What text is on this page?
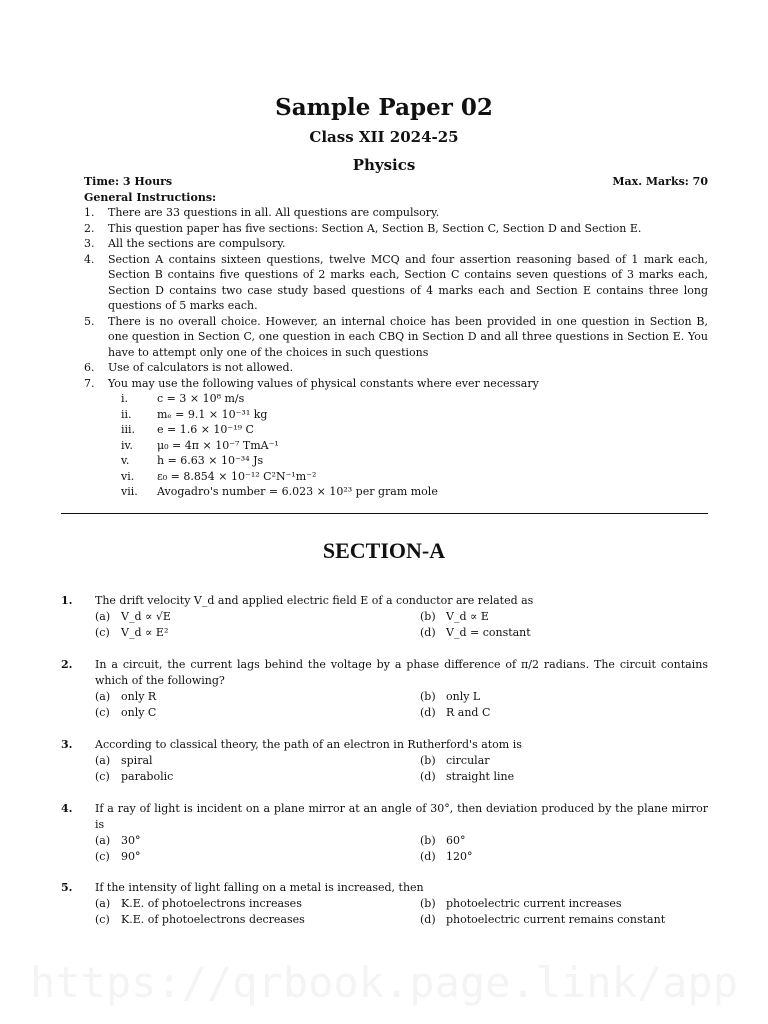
Sample Paper 02
Class XII 2024-25
Physics
Time: 3 Hours	Max. Marks: 70
General Instructions:
1.	There are 33 questions in all. All questions are compulsory.
2.	This question paper has five sections: Section A, Section B, Section C, Section D and Section E.
3.	All the sections are compulsory.
4.	Section A contains sixteen questions, twelve MCQ and four assertion reasoning based of 1 mark each, Section B contains five questions of 2 marks each, Section C contains seven questions of 3 marks each, Section D contains two case study based questions of 4 marks each and Section E contains three long questions of 5 marks each.
5.	There is no overall choice. However, an internal choice has been provided in one question in Section B, one question in Section C, one question in each CBQ in Section D and all three questions in Section E. You have to attempt only one of the choices in such questions
6.	Use of calculators is not allowed.
7.	You may use the following values of physical constants where ever necessary
i.	c = 3 × 10⁸ m/s
ii.	mₑ = 9.1 × 10⁻³¹ kg
iii.	e = 1.6 × 10⁻¹⁹ C
iv.	μ₀ = 4π × 10⁻⁷ TmA⁻¹
v.	h = 6.63 × 10⁻³⁴ Js
vi.	ε₀ = 8.854 × 10⁻¹² C²N⁻¹m⁻²
vii.	Avogadro's number = 6.023 × 10²³ per gram mole
SECTION-A
1.	The drift velocity V_d and applied electric field E of a conductor are related as
(a) V_d ∝ √E	(b) V_d ∝ E
(c)	V_d ∝ E²	(d) V_d = constant
2.	In a circuit, the current lags behind the voltage by a phase difference of π/2 radians. The circuit contains which of the following?
(a) only R	(b) only L
(c)	only C	(d) R and C
3.	According to classical theory, the path of an electron in Rutherford's atom is
(a) spiral	(b) circular
(c)	parabolic	(d) straight line
4.	If a ray of light is incident on a plane mirror at an angle of 30°, then deviation produced by the plane mirror is
(a) 30°	(b) 60°
(c)	90°	(d) 120°
5.	If the intensity of light falling on a metal is increased, then
(a) K.E. of photoelectrons increases	(b) photoelectric current increases
(c)	K.E. of photoelectrons decreases	(d) photoelectric current remains constant
https://qrbook.page.link/app
